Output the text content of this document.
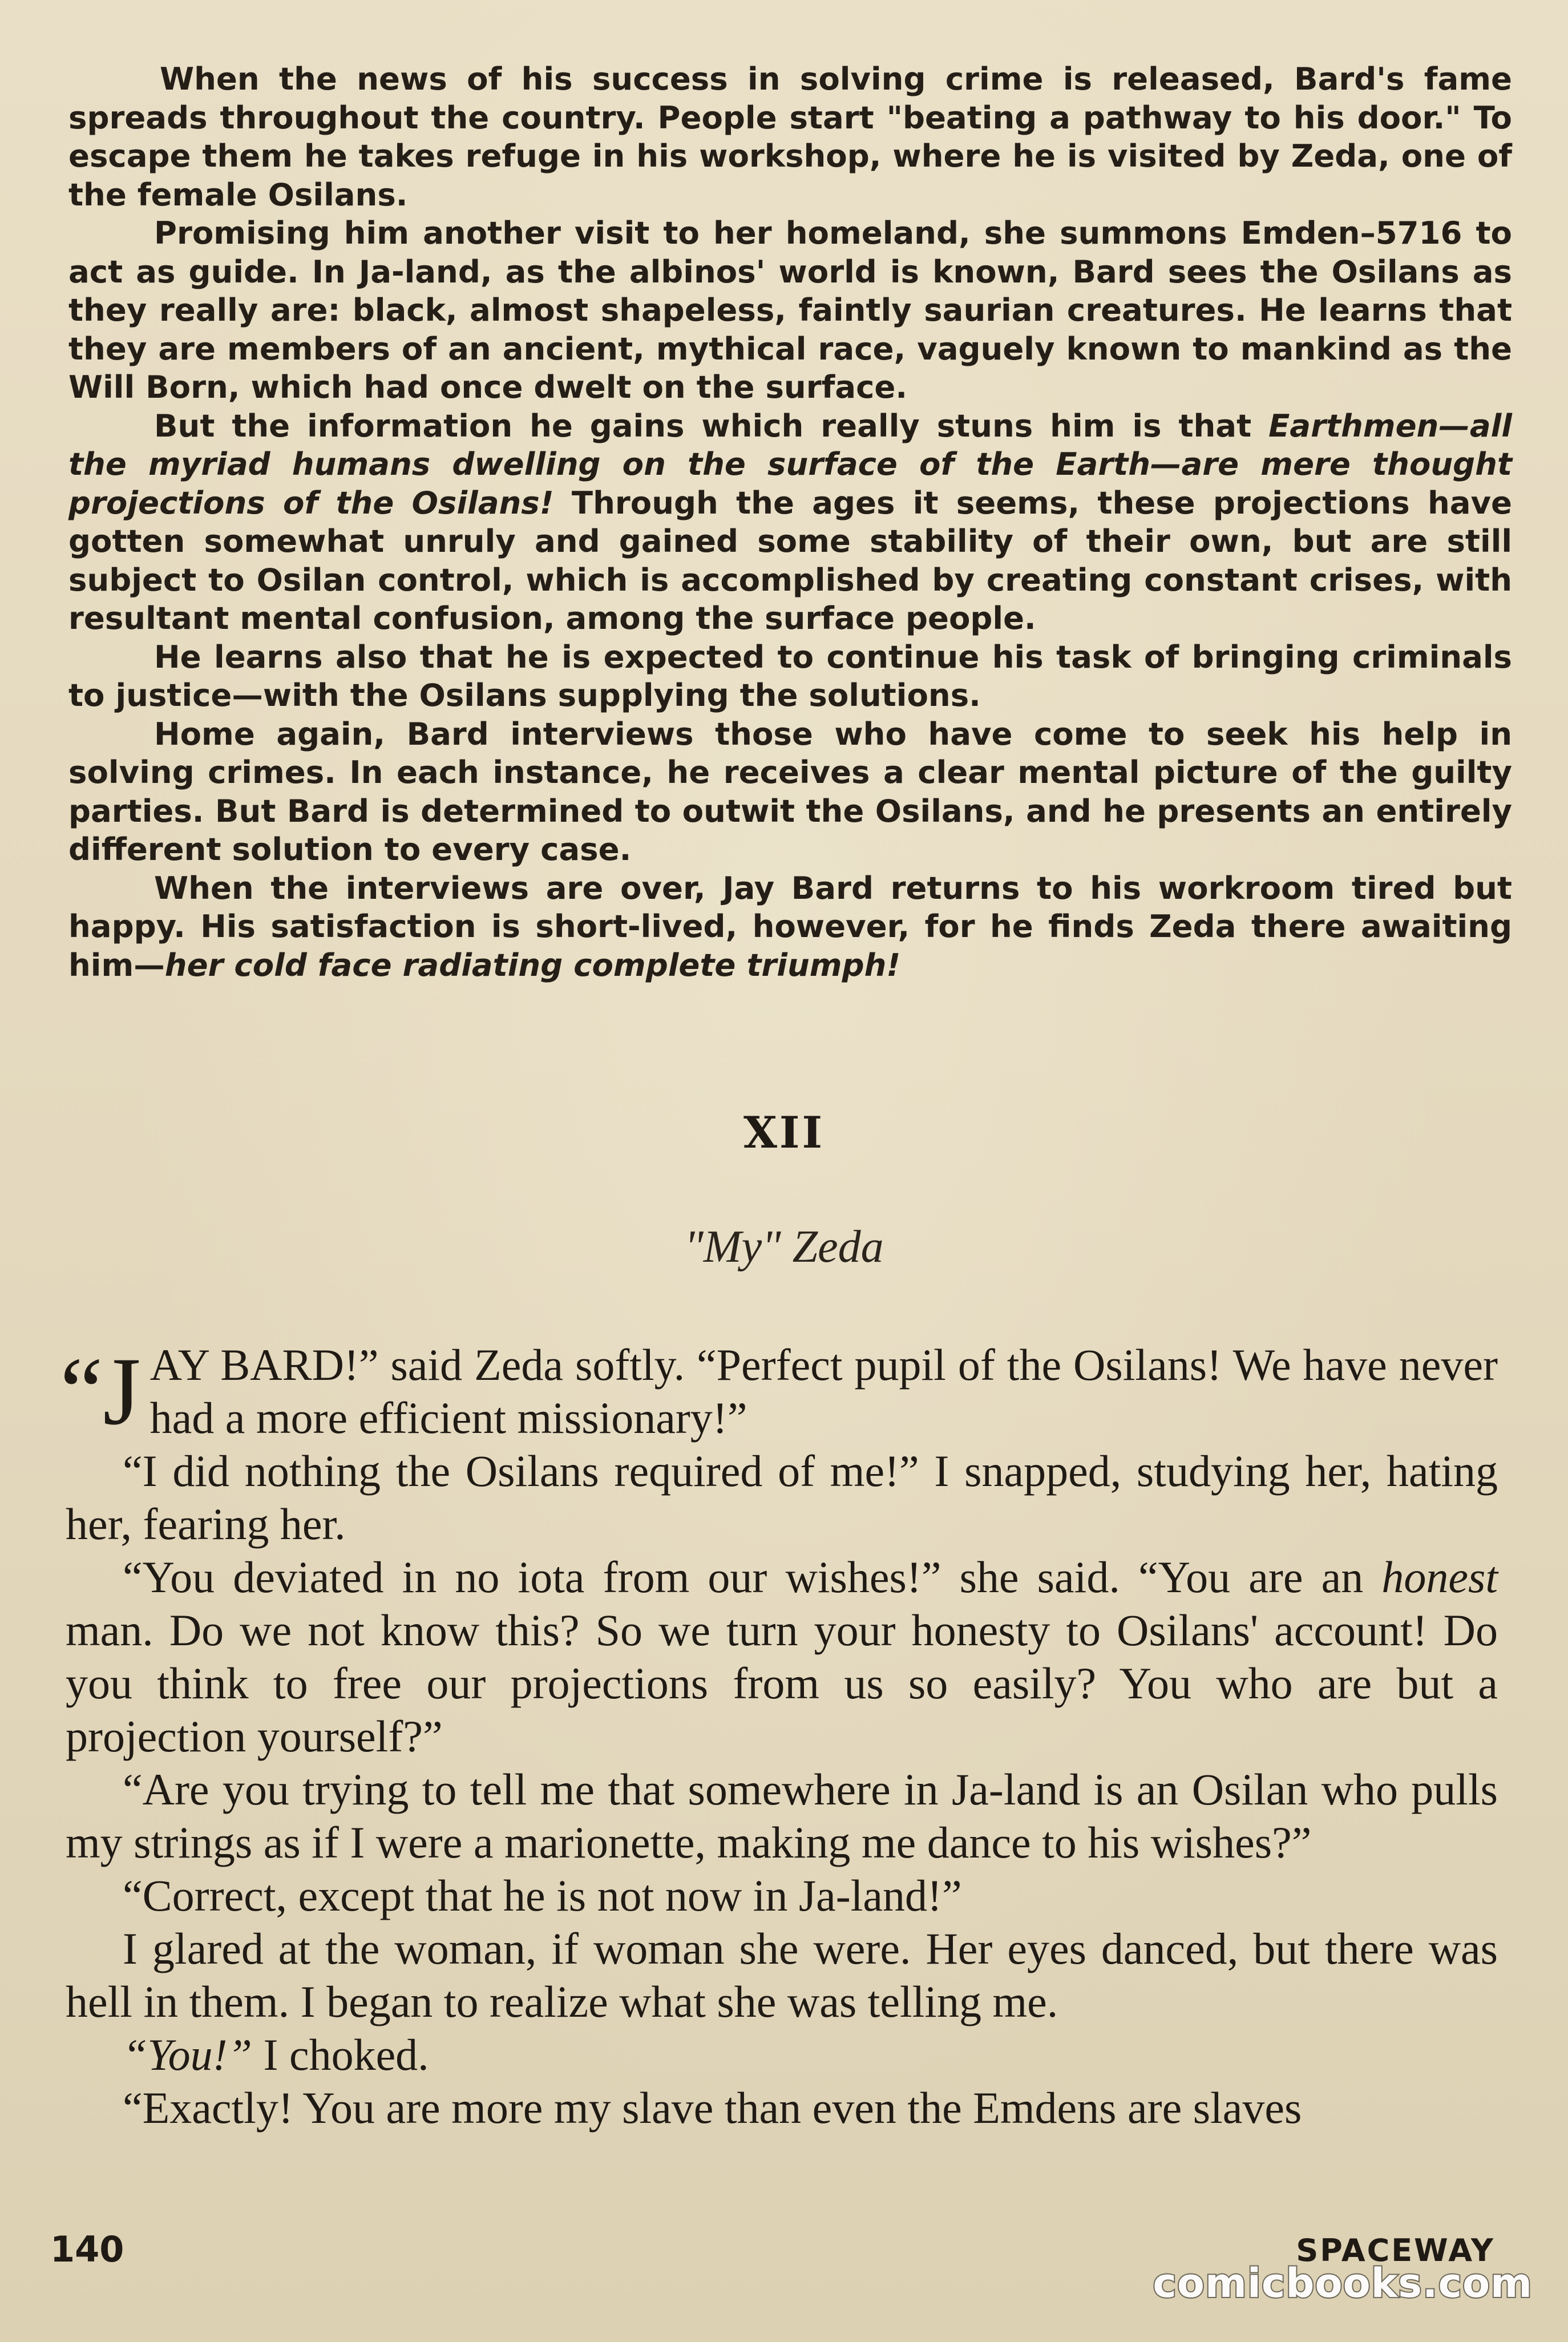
When the news of his success in solving crime is released, Bard's fame spreads throughout the country. People start "beating a pathway to his door." To escape them he takes refuge in his workshop, where he is visited by Zeda, one of the female Osilans.

Promising him another visit to her homeland, she summons Emden–5716 to act as guide. In Ja-land, as the albinos' world is known, Bard sees the Osilans as they really are: black, almost shapeless, faintly saurian creatures. He learns that they are members of an ancient, mythical race, vaguely known to mankind as the Will Born, which had once dwelt on the surface.

But the information he gains which really stuns him is that Earthmen—all the myriad humans dwelling on the surface of the Earth—are mere thought projections of the Osilans! Through the ages it seems, these projections have gotten somewhat unruly and gained some stability of their own, but are still subject to Osilan control, which is accomplished by creating constant crises, with resultant mental confusion, among the surface people.

He learns also that he is expected to continue his task of bringing criminals to justice—with the Osilans supplying the solutions.

Home again, Bard interviews those who have come to seek his help in solving crimes. In each instance, he receives a clear mental picture of the guilty parties. But Bard is determined to outwit the Osilans, and he presents an entirely different solution to every case.

When the interviews are over, Jay Bard returns to his workroom tired but happy. His satisfaction is short-lived, however, for he finds Zeda there awaiting him—her cold face radiating complete triumph!

XII
"My" Zeda

“JAY BARD!” said Zeda softly. “Perfect pupil of the Osilans! We have never had a more efficient missionary!”

“I did nothing the Osilans required of me!” I snapped, studying her, hating her, fearing her.

“You deviated in no iota from our wishes!” she said. “You are an honest man. Do we not know this? So we turn your honesty to Osilans' account! Do you think to free our projections from us so easily? You who are but a projection yourself?”

“Are you trying to tell me that somewhere in Ja-land is an Osilan who pulls my strings as if I were a marionette, making me dance to his wishes?”

“Correct, except that he is not now in Ja-land!”

I glared at the woman, if woman she were. Her eyes danced, but there was hell in them. I began to realize what she was telling me.

“You!” I choked.

“Exactly! You are more my slave than even the Emdens are slaves

140	SPACEWAY
comicbooks.com
